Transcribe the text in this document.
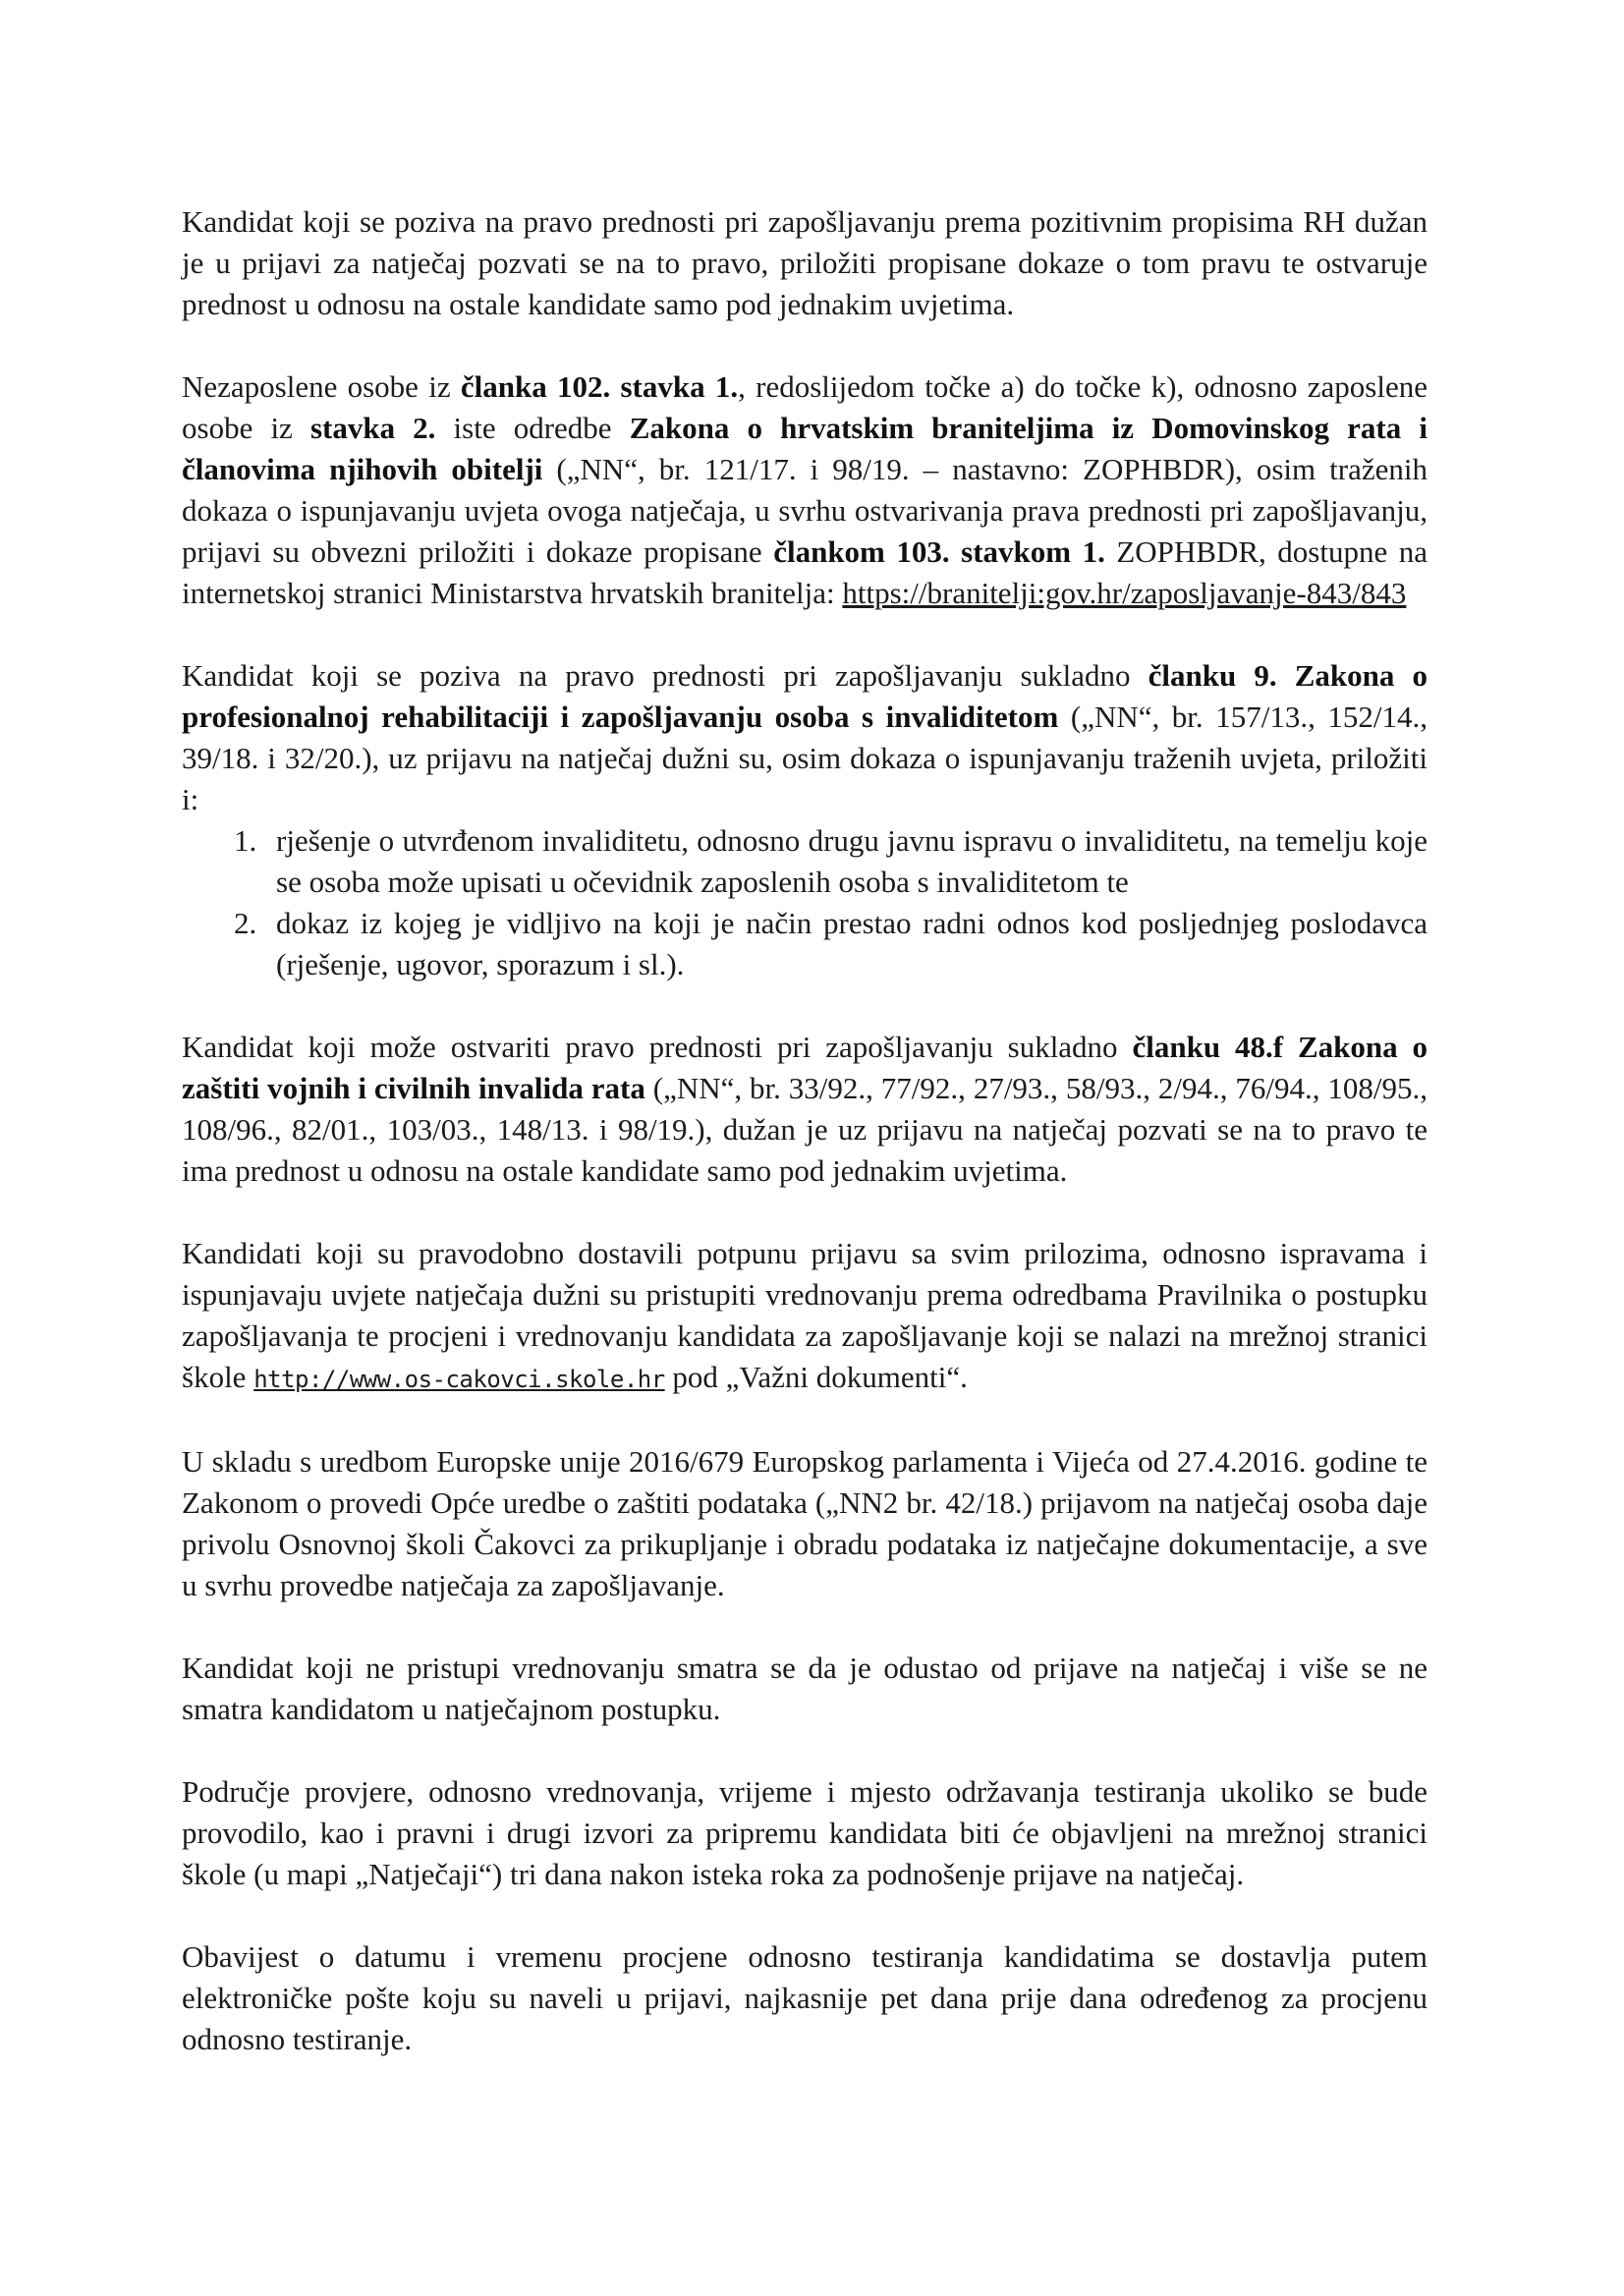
Kandidat koji se poziva na pravo prednosti pri zapošljavanju prema pozitivnim propisima RH dužan je u prijavi za natječaj pozvati se na to pravo, priložiti propisane dokaze o tom pravu te ostvaruje prednost u odnosu na ostale kandidate samo pod jednakim uvjetima.

Nezaposlene osobe iz članka 102. stavka 1., redoslijedom točke a) do točke k), odnosno zaposlene osobe iz stavka 2. iste odredbe Zakona o hrvatskim braniteljima iz Domovinskog rata i članovima njihovih obitelji („NN“, br. 121/17. i 98/19. – nastavno: ZOPHBDR), osim traženih dokaza o ispunjavanju uvjeta ovoga natječaja, u svrhu ostvarivanja prava prednosti pri zapošljavanju, prijavi su obvezni priložiti i dokaze propisane člankom 103. stavkom 1. ZOPHBDR, dostupne na internetskoj stranici Ministarstva hrvatskih branitelja: https://branitelji:gov.hr/zaposljavanje-843/843

Kandidat koji se poziva na pravo prednosti pri zapošljavanju sukladno članku 9. Zakona o profesionalnoj rehabilitaciji i zapošljavanju osoba s invaliditetom („NN“, br. 157/13., 152/14., 39/18. i 32/20.), uz prijavu na natječaj dužni su, osim dokaza o ispunjavanju traženih uvjeta, priložiti i:
1. rješenje o utvrđenom invaliditetu, odnosno drugu javnu ispravu o invaliditetu, na temelju koje se osoba može upisati u očevidnik zaposlenih osoba s invaliditetom te
2. dokaz iz kojeg je vidljivo na koji je način prestao radni odnos kod posljednjeg poslodavca (rješenje, ugovor, sporazum i sl.).

Kandidat koji može ostvariti pravo prednosti pri zapošljavanju sukladno članku 48.f Zakona o zaštiti vojnih i civilnih invalida rata („NN“, br. 33/92., 77/92., 27/93., 58/93., 2/94., 76/94., 108/95., 108/96., 82/01., 103/03., 148/13. i 98/19.), dužan je uz prijavu na natječaj pozvati se na to pravo te ima prednost u odnosu na ostale kandidate samo pod jednakim uvjetima.

Kandidati koji su pravodobno dostavili potpunu prijavu sa svim prilozima, odnosno ispravama i ispunjavaju uvjete natječaja dužni su pristupiti vrednovanju prema odredbama Pravilnika o postupku zapošljavanja te procjeni i vrednovanju kandidata za zapošljavanje koji se nalazi na mrežnoj stranici škole http://www.os-cakovci.skole.hr pod „Važni dokumenti“.

U skladu s uredbom Europske unije 2016/679 Europskog parlamenta i Vijeća od 27.4.2016. godine te Zakonom o provedi Opće uredbe o zaštiti podataka („NN2 br. 42/18.) prijavom na natječaj osoba daje privolu Osnovnoj školi Čakovci za prikupljanje i obradu podataka iz natječajne dokumentacije, a sve u svrhu provedbe natječaja za zapošljavanje.

Kandidat koji ne pristupi vrednovanju smatra se da je odustao od prijave na natječaj i više se ne smatra kandidatom u natječajnom postupku.

Područje provjere, odnosno vrednovanja, vrijeme i mjesto održavanja testiranja ukoliko se bude provodilo, kao i pravni i drugi izvori za pripremu kandidata biti će objavljeni na mrežnoj stranici škole (u mapi „Natječaji“) tri dana nakon isteka roka za podnošenje prijave na natječaj.

Obavijest o datumu i vremenu procjene odnosno testiranja kandidatima se dostavlja putem elektroničke pošte koju su naveli u prijavi, najkasnije pet dana prije dana određenog za procjenu odnosno testiranje.
